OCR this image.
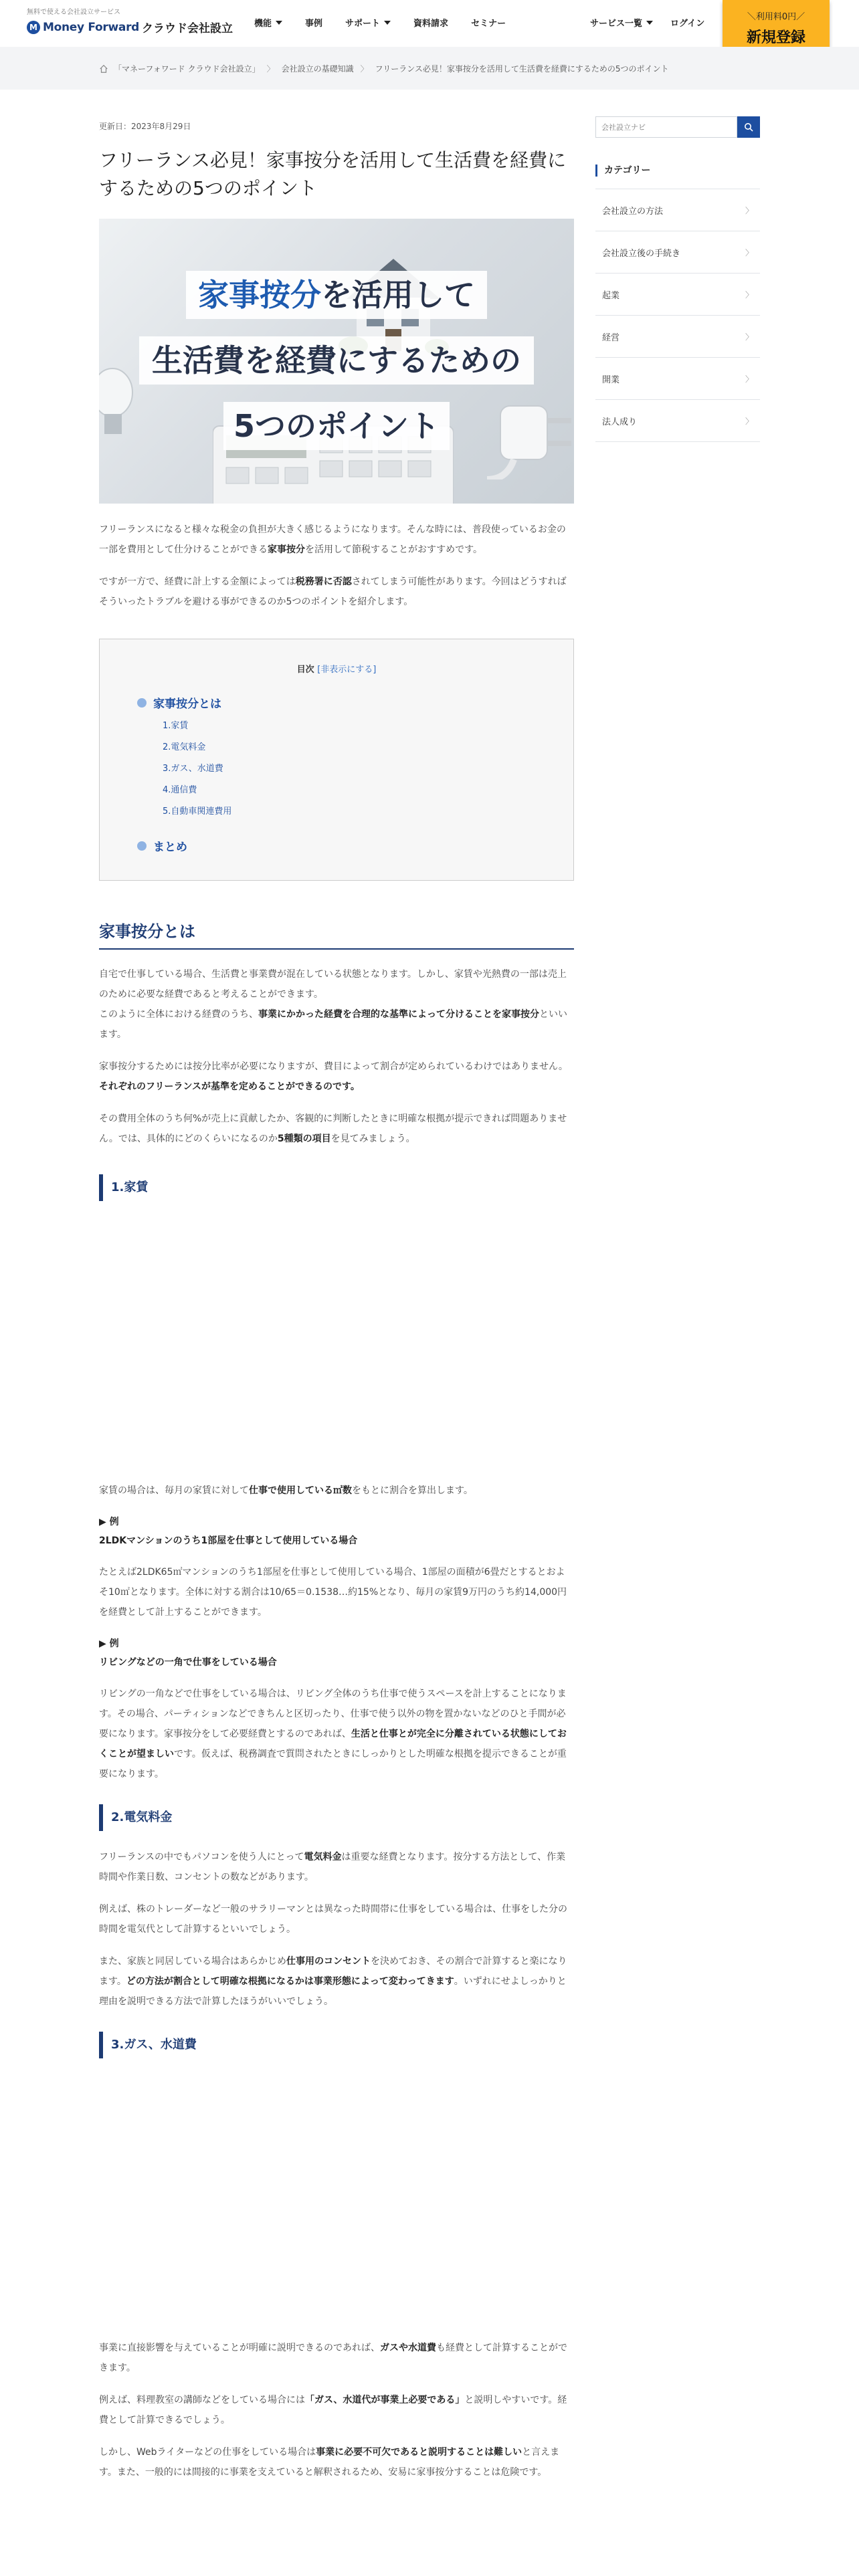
無料で使える会社設立サービス
M Money Forward クラウド会社設立 機能	事例	サポート	資料請求	セミナー	サービス一覧	ログイン
＼利用料0円／
新規登録
「マネーフォワード クラウド会社設立」 〉 会社設立の基礎知識 〉 フリーランス必見！家事按分を活用して生活費を経費にするための5つのポイント
更新日：2023年8月29日
フリーランス必見！家事按分を活用して生活費を経費にするための5つのポイント
家事按分を活用して
生活費を経費にするための
5つのポイント

フリーランスになると様々な税金の負担が大きく感じるようになります。そんな時には、普段使っているお金の一部を費用として仕分けることができる家事按分を活用して節税することがおすすめです。

ですが一方で、経費に計上する金額によっては税務署に否認されてしまう可能性があります。今回はどうすればそういったトラブルを避ける事ができるのか5つのポイントを紹介します。

目次 [非表示にする]
家事按分とは
1.家賃
2.電気料金
3.ガス、水道費
4.通信費
5.自動車関連費用
まとめ
家事按分とは

自宅で仕事している場合、生活費と事業費が混在している状態となります。しかし、家賃や光熱費の一部は売上のために必要な経費であると考えることができます。
このように全体における経費のうち、事業にかかった経費を合理的な基準によって分けることを家事按分といいます。

家事按分するためには按分比率が必要になりますが、費目によって割合が定められているわけではありません。それぞれのフリーランスが基準を定めることができるのです。

その費用全体のうち何%が売上に貢献したか、客観的に判断したときに明確な根拠が提示できれば問題ありません。では、具体的にどのくらいになるのか5種類の項目を見てみましょう。

1.家賃

家賃の場合は、毎月の家賃に対して仕事で使用している㎡数をもとに割合を算出します。

▶ 例
2LDKマンションのうち1部屋を仕事として使用している場合

たとえば2LDK65㎡マンションのうち1部屋を仕事として使用している場合、1部屋の面積が6畳だとするとおよそ10㎡となります。全体に対する割合は10/65＝0.1538…約15%となり、毎月の家賃9万円のうち約14,000円を経費として計上することができます。

▶ 例
リビングなどの一角で仕事をしている場合

リビングの一角などで仕事をしている場合は、リビング全体のうち仕事で使うスペースを計上することになります。その場合、パーティションなどできちんと区切ったり、仕事で使う以外の物を置かないなどのひと手間が必要になります。家事按分をして必要経費とするのであれば、生活と仕事とが完全に分離されている状態にしておくことが望ましいです。仮えば、税務調査で質問されたときにしっかりとした明確な根拠を提示できることが重要になります。

2.電気料金

フリーランスの中でもパソコンを使う人にとって電気料金は重要な経費となります。按分する方法として、作業時間や作業日数、コンセントの数などがあります。

例えば、株のトレーダーなど一般のサラリーマンとは異なった時間帯に仕事をしている場合は、仕事をした分の時間を電気代として計算するといいでしょう。

また、家族と同居している場合はあらかじめ仕事用のコンセントを決めておき、その割合で計算すると楽になります。どの方法が割合として明確な根拠になるかは事業形態によって変わってきます。いずれにせよしっかりと理由を説明できる方法で計算したほうがいいでしょう。

3.ガス、水道費

事業に直接影響を与えていることが明確に説明できるのであれば、ガスや水道費も経費として計算することができます。

例えば、料理教室の講師などをしている場合には「ガス、水道代が事業上必要である」と説明しやすいです。経費として計算できるでしょう。

しかし、Webライターなどの仕事をしている場合は事業に必要不可欠であると説明することは難しいと言えます。また、一般的には間接的に事業を支えていると解釈されるため、安易に家事按分することは危険です。

会社設立ナビ
カテゴリー
会社設立の方法	〉
会社設立後の手続き	〉
起業	〉
経営	〉
開業	〉
法人成り	〉
